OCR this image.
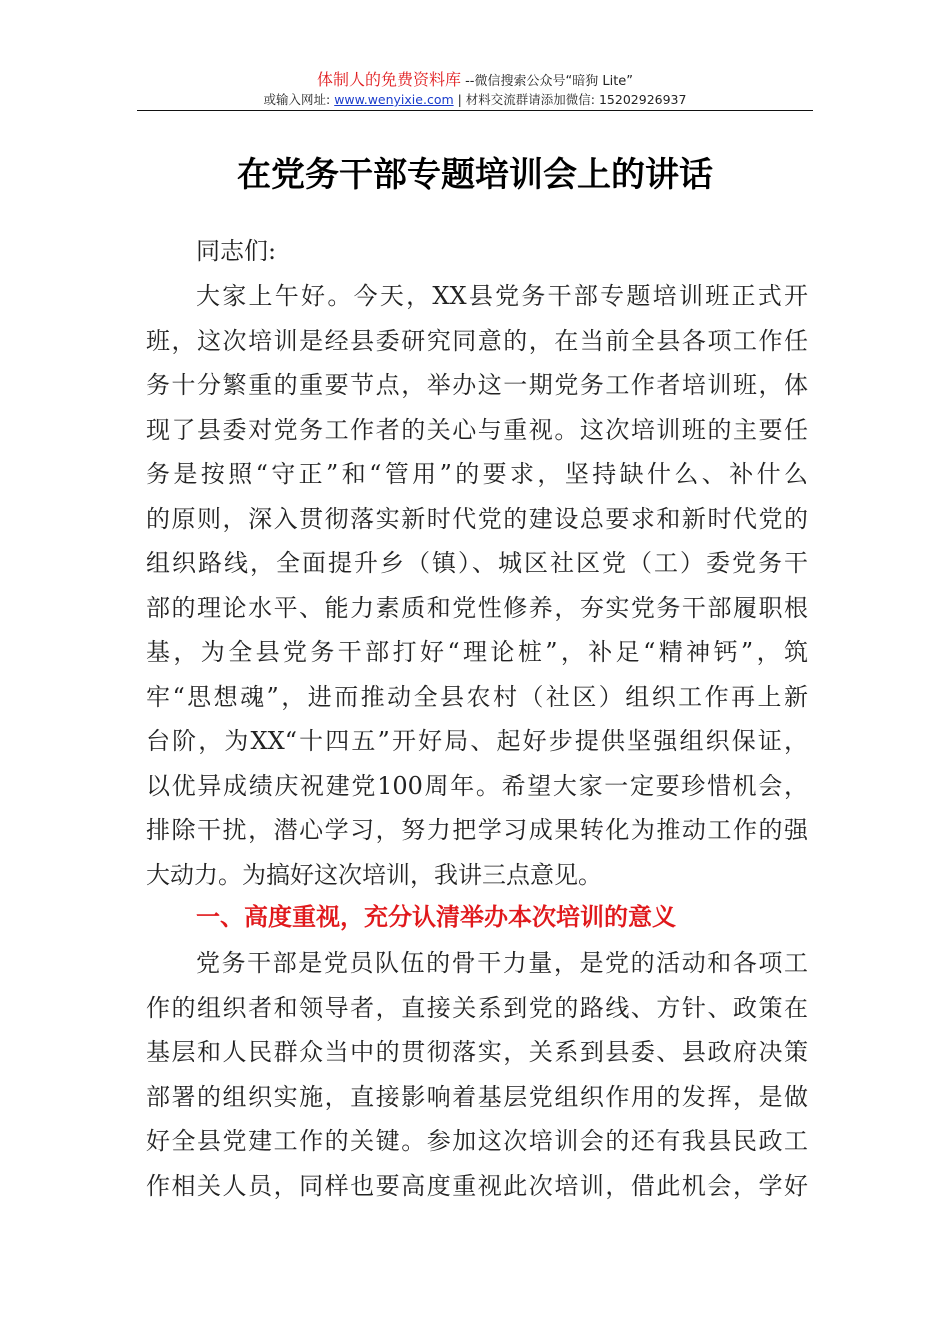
体制人的免费资料库 --微信搜索公众号“暗狗 Lite”
或输入网址: www.wenyixie.com | 材料交流群请添加微信: 15202926937
在党务干部专题培训会上的讲话
同志们:
大家上午好。今天，XX县党务干部专题培训班正式开
班，这次培训是经县委研究同意的，在当前全县各项工作任
务十分繁重的重要节点，举办这一期党务工作者培训班，体
现了县委对党务工作者的关心与重视。这次培训班的主要任
务是按照“守正”和“管用”的要求，坚持缺什么、补什么
的原则，深入贯彻落实新时代党的建设总要求和新时代党的
组织路线，全面提升乡（镇）、城区社区党（工）委党务干
部的理论水平、能力素质和党性修养，夯实党务干部履职根
基，为全县党务干部打好“理论桩”，补足“精神钙”，筑
牢“思想魂”，进而推动全县农村（社区）组织工作再上新
台阶，为XX“十四五”开好局、起好步提供坚强组织保证，
以优异成绩庆祝建党100周年。希望大家一定要珍惜机会，
排除干扰，潜心学习，努力把学习成果转化为推动工作的强
大动力。为搞好这次培训，我讲三点意见。
一、高度重视，充分认清举办本次培训的意义
党务干部是党员队伍的骨干力量，是党的活动和各项工
作的组织者和领导者，直接关系到党的路线、方针、政策在
基层和人民群众当中的贯彻落实，关系到县委、县政府决策
部署的组织实施，直接影响着基层党组织作用的发挥，是做
好全县党建工作的关键。参加这次培训会的还有我县民政工
作相关人员，同样也要高度重视此次培训，借此机会，学好
